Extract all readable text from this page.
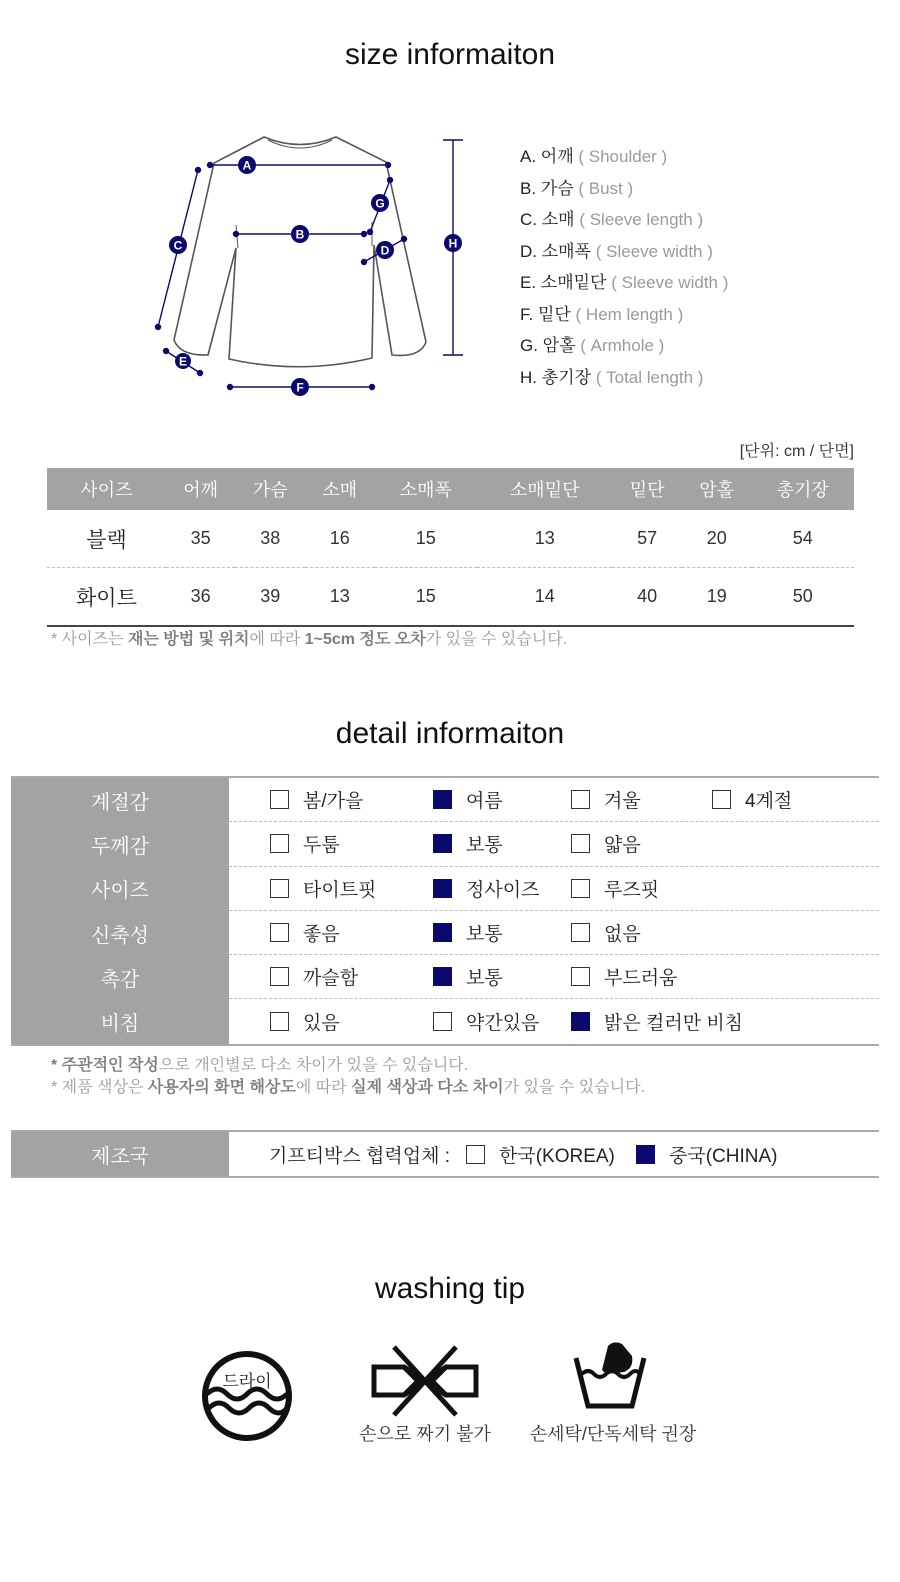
size informaiton
A
B
C	D
E
F
G
H
A. 어깨 ( Shoulder )
B. 가슴 ( Bust )
C. 소매 ( Sleeve length )
D. 소매폭 ( Sleeve width )
E. 소매밑단 ( Sleeve width )
F. 밑단 ( Hem length )
G. 암홀 ( Armhole )
H. 총기장 ( Total length )
[단위: cm / 단면]
사이즈	어깨	가슴	소매	소매폭	소매밑단	밑단	암홀	총기장
블랙	35	38	16	15	13	57	20	54
화이트	36	39	13	15	14	40	19	50
* 사이즈는 재는 방법 및 위치에 따라 1~5cm 정도 오차가 있을 수 있습니다.
detail informaiton
계절감	봄/가을	여름	겨울	4계절
두께감	두툼	보통	얇음
사이즈	타이트핏	정사이즈	루즈핏
신축성	좋음	보통	없음
촉감	까슬함	보통	부드러움
비침	있음	약간있음	밝은 컬러만 비침
* 주관적인 작성으로 개인별로 다소 차이가 있을 수 있습니다.
* 제품 색상은 사용자의 화면 해상도에 따라 실제 색상과 다소 차이가 있을 수 있습니다.
제조국	기프티박스 협력업체 :	한국(KOREA)	중국(CHINA)
washing tip
드라이
손으로 짜기 불가 손세탁/단독세탁 권장
